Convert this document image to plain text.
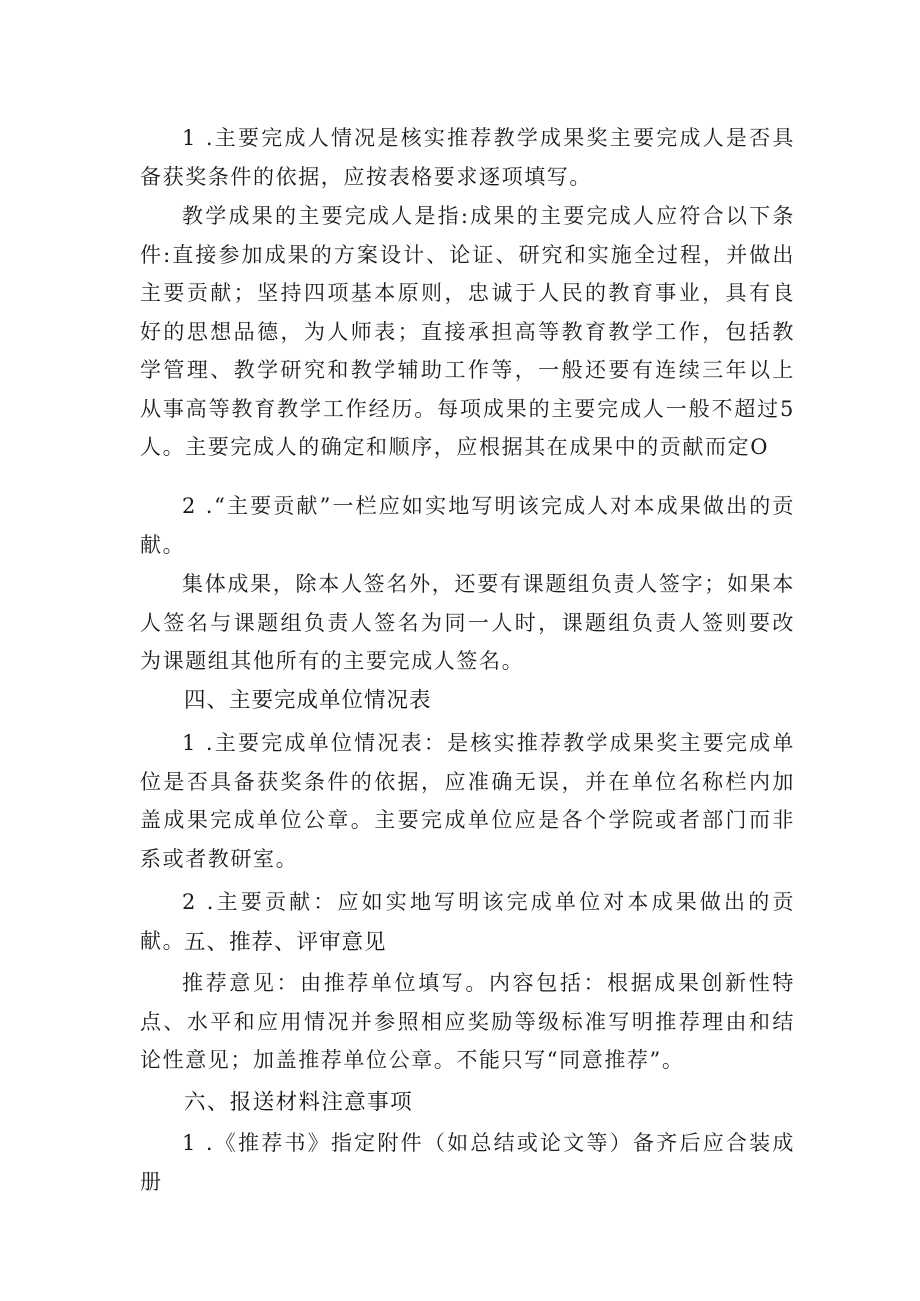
1 .主要完成人情况是核实推荐教学成果奖主要完成人是否具备获奖条件的依据，应按表格要求逐项填写。

教学成果的主要完成人是指:成果的主要完成人应符合以下条件:直接参加成果的方案设计、论证、研究和实施全过程，并做出主要贡献；坚持四项基本原则，忠诚于人民的教育事业，具有良好的思想品德，为人师表；直接承担高等教育教学工作，包括教学管理、教学研究和教学辅助工作等，一般还要有连续三年以上从事高等教育教学工作经历。每项成果的主要完成人一般不超过5人。主要完成人的确定和顺序，应根据其在成果中的贡献而定O

2 .“主要贡献”一栏应如实地写明该完成人对本成果做出的贡献。

集体成果，除本人签名外，还要有课题组负责人签字；如果本人签名与课题组负责人签名为同一人时，课题组负责人签则要改为课题组其他所有的主要完成人签名。

四、主要完成单位情况表

1 .主要完成单位情况表：是核实推荐教学成果奖主要完成单位是否具备获奖条件的依据，应准确无误，并在单位名称栏内加盖成果完成单位公章。主要完成单位应是各个学院或者部门而非系或者教研室。

2 .主要贡献：应如实地写明该完成单位对本成果做出的贡献。

五、推荐、评审意见

推荐意见：由推荐单位填写。内容包括：根据成果创新性特点、水平和应用情况并参照相应奖励等级标准写明推荐理由和结论性意见；加盖推荐单位公章。不能只写“同意推荐”。

六、报送材料注意事项

1 .《推荐书》指定附件（如总结或论文等）备齐后应合装成册
